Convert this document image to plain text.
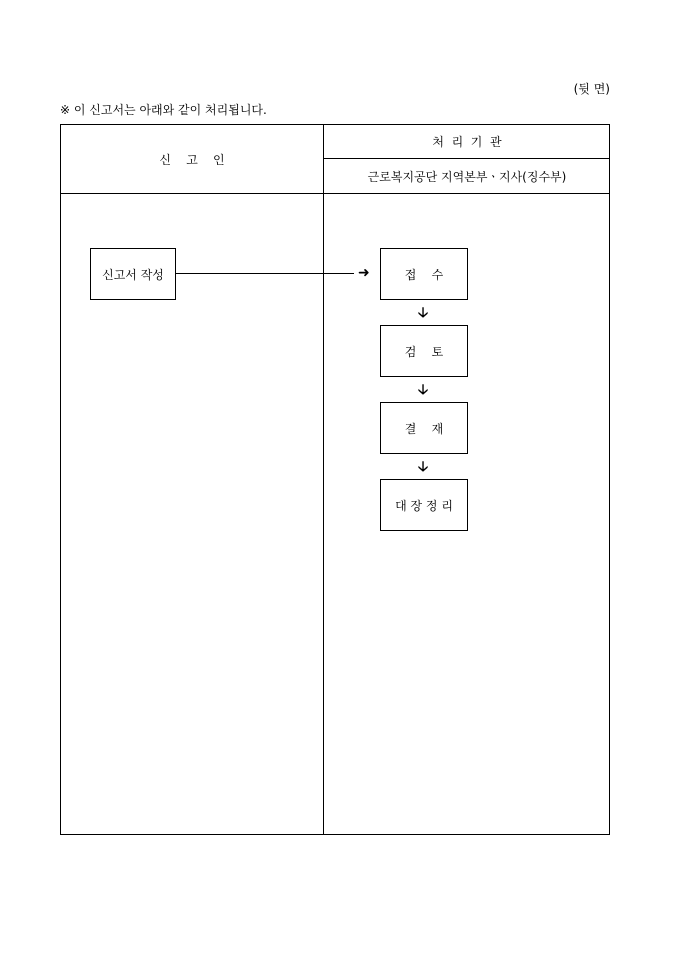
(뒷 면)
※ 이 신고서는 아래와 같이 처리됩니다.
신    고    인
처  리  기  관
근로복지공단 지역본부ㆍ지사(징수부)
신고서 작성	➜	접    수
🡣
검    토
🡣
결    재
🡣
대 장 정 리
